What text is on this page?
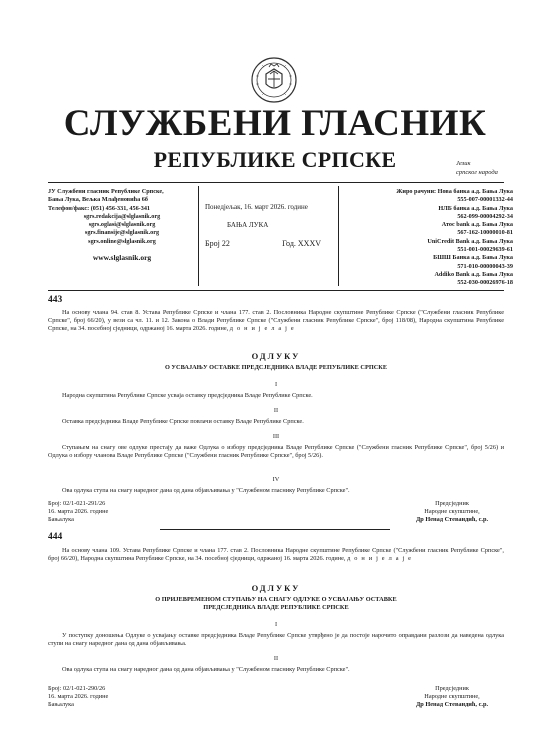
СЛУЖБЕНИ ГЛАСНИК
РЕПУБЛИКЕ СРПСКЕ	Језик
српског народа
ЈУ Службени гласник Републике Српске,
Бања Лука, Вељка Млађеновића 6б
Телефон/факс: (051) 456-331, 456-341
sgrs.redakcija@slglasnik.org
sgrs.oglasi@slglasnik.org
sgrs.finansije@slglasnik.org
sgrs.online@slglasnik.org
www.slglasnik.org
Понедјељак, 16. март 2026. године
БАЊА ЛУКА
Број 22	Год. XXXV
Жиро рачуни: Нова банка а.д. Бања Лука
555-007-00001332-44
НЛБ банка а.д. Бања Лука
562-099-00004292-34
Атос bank а.д. Бања Лука
567-162-10000010-81
UniCredit Bank а.д. Бања Лука
551-001-00029639-61
БШШ Банка а.д. Бања Лука
571-010-00000043-39
Addiko Bank а.д. Бања Лука
552-030-00026976-18
443
На основу члана 94. став 8. Устава Републике Српске и члана 177. став 2. Пословника Народне скупштине Републике Српске ("Службени гласник Републике Српске", број 66/20), у вези са чл. 11. и 12. Закона о Влади Републике Српске ("Службени гласник Републике Српске", број 118/08), Народна скупштина Републике Српске, на 34. посебној сједници, одржаној 16. марта 2026. године, д о н и ј е л а ј е
ОДЛУКУ
О УСВАЈАЊУ ОСТАВКЕ ПРЕДСЈЕДНИКА ВЛАДЕ РЕПУБЛИКЕ СРПСКЕ
I
Народна скупштина Републике Српске усваја оставку предсједника Владе Републике Српске.
II
Оставка предсједника Владе Републике Српске повлачи оставку Владе Републике Српске.
III
Ступањем на снагу ове одлуке престају да важе Одлука о избору предсједника Владе Републике Српске ("Службени гласник Републике Српске", број 5/26) и Одлука о избору чланова Владе Републике Српске ("Службени гласник Републике Српске", број 5/26).
IV
Ова одлука ступа на снагу наредног дана од дана објављивања у "Службеном гласнику Републике Српске".
Број: 02/1-021-291/26
16. марта 2026. године
Бањалука
Предсједник
Народне скупштине,
Др Ненад Стевандић, с.р.
444
На основу члана 109. Устава Републике Српске и члана 177. став 2. Пословника Народне скупштине Републике Српске ("Службени гласник Републике Српске", број 66/20), Народна скупштина Републике Српске, на 34. посебној сједници, одржаној 16. марта 2026. године, д о н и ј е л а ј е
ОДЛУКУ
О ПРИЈЕВРЕМЕНОМ СТУПАЊУ НА СНАГУ ОДЛУКЕ О УСВАЈАЊУ ОСТАВКЕ
ПРЕДСЈЕДНИКА ВЛАДЕ РЕПУБЛИКЕ СРПСКЕ
I
У поступку доношења Одлуке о усвајању оставке предсједника Владе Републике Српске утврђено је да постоје нарочито оправдани разлози да наведена одлука ступи на снагу наредног дана од дана објављивања.
II
Ова одлука ступа на снагу наредног дана од дана објављивања у "Службеном гласнику Републике Српске".
Број: 02/1-021-290/26
16. марта 2026. године
Бањалука
Предсједник
Народне скупштине,
Др Ненад Стевандић, с.р.
